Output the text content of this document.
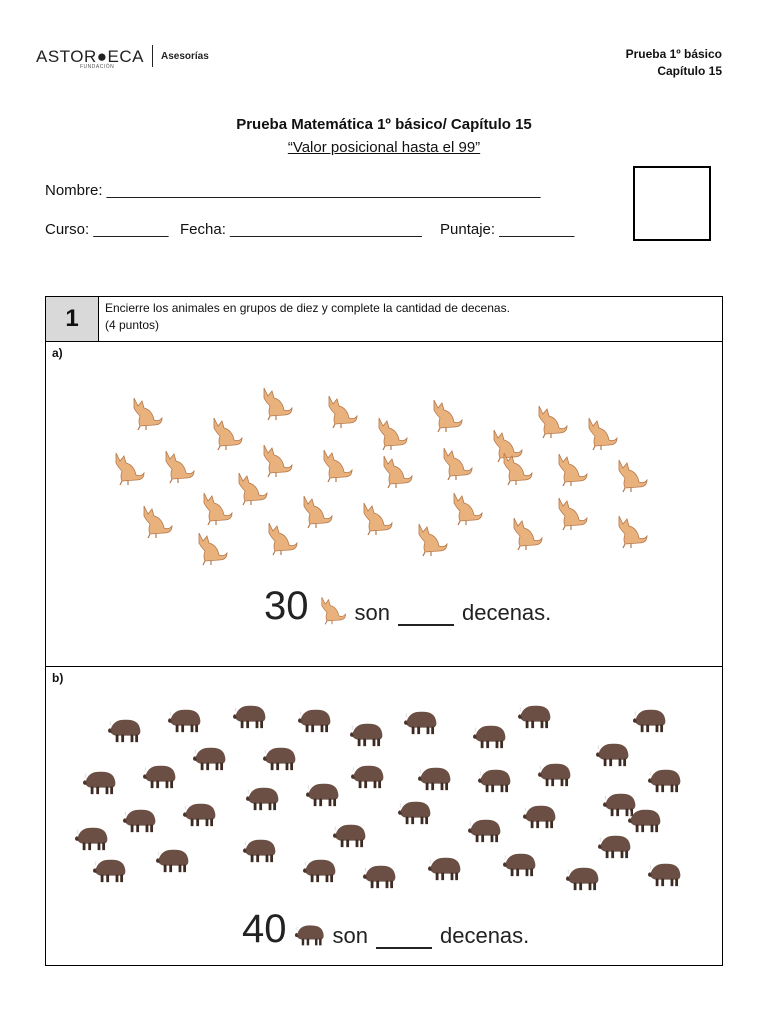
ASTOR●ECA
FUNDACIÓN
Asesorías	Prueba 1º básico
Capítulo 15
Prueba Matemática 1º básico/ Capítulo 15
“Valor posicional hasta el 99”
Nombre: ____________________________________________________
Curso: _________ Fecha: _______________________ Puntaje: _________
1	Encierre los animales en grupos de diez y complete la cantidad de decenas.
(4 puntos)

a)
30 son	decenas.

b)
40 son	decenas.
